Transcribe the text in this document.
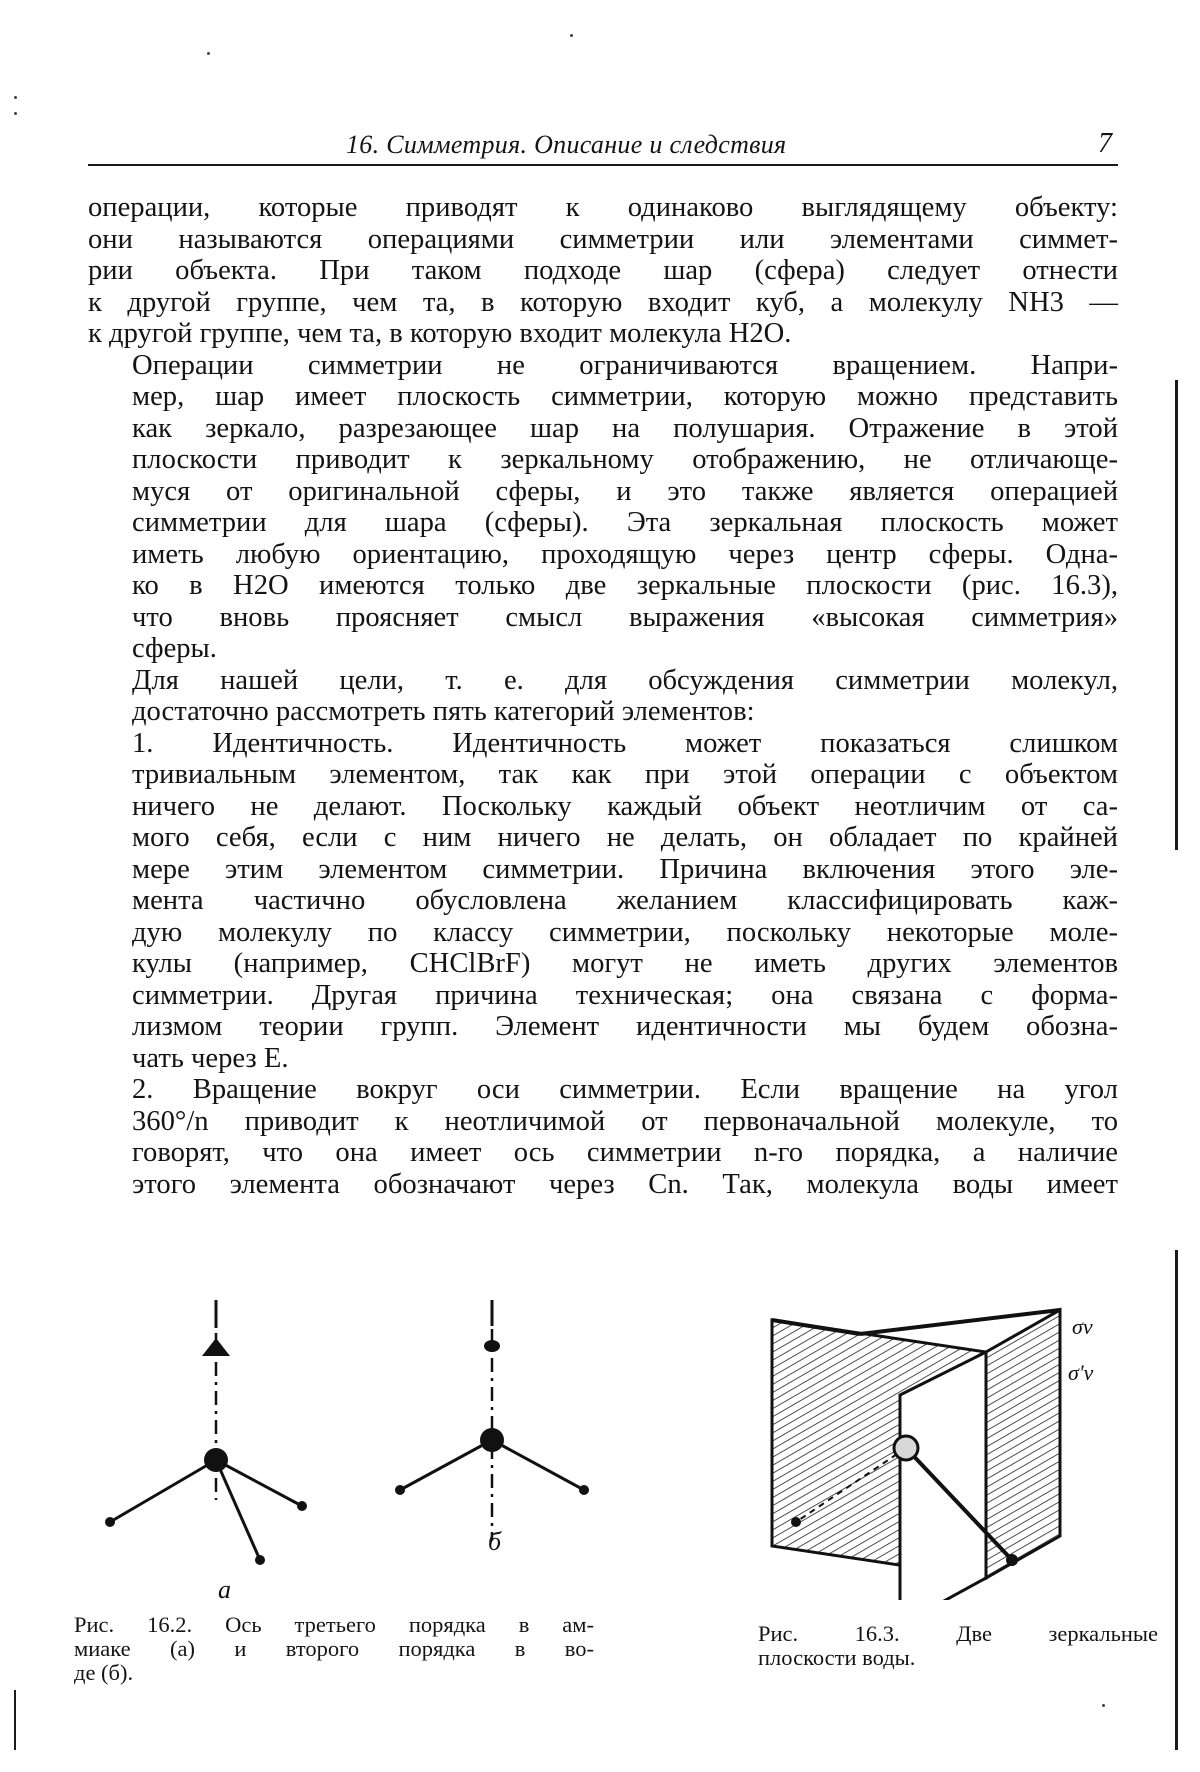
16. Симметрия. Описание и следствия	7

операции, которые приводят к одинаково выглядящему объекту:
они называются операциями симметрии или элементами симмет-
рии объекта. При таком подходе шар (сфера) следует отнести
к другой группе, чем та, в которую входит куб, а молекулу NH3 —
к другой группе, чем та, в которую входит молекула H2O.

Операции симметрии не ограничиваются вращением. Напри-
мер, шар имеет плоскость симметрии, которую можно представить
как зеркало, разрезающее шар на полушария. Отражение в этой
плоскости приводит к зеркальному отображению, не отличающе-
муся от оригинальной сферы, и это также является операцией
симметрии для шара (сферы). Эта зеркальная плоскость может
иметь любую ориентацию, проходящую через центр сферы. Одна-
ко в H2O имеются только две зеркальные плоскости (рис. 16.3),
что вновь проясняет смысл выражения «высокая симметрия»
сферы.

Для нашей цели, т. е. для обсуждения симметрии молекул,
достаточно рассмотреть пять категорий элементов:

1. Идентичность. Идентичность может показаться слишком
тривиальным элементом, так как при этой операции с объектом
ничего не делают. Поскольку каждый объект неотличим от са-
мого себя, если с ним ничего не делать, он обладает по крайней
мере этим элементом симметрии. Причина включения этого эле-
мента частично обусловлена желанием классифицировать каж-
дую молекулу по классу симметрии, поскольку некоторые моле-
кулы (например, CHClBrF) могут не иметь других элементов
симметрии. Другая причина техническая; она связана с форма-
лизмом теории групп. Элемент идентичности мы будем обозна-
чать через E.

2. Вращение вокруг оси симметрии. Если вращение на угол
360°/n приводит к неотличимой от первоначальной молекуле, то
говорят, что она имеет ось симметрии n-го порядка, а наличие
этого элемента обозначают через Cn. Так, молекула воды имеет

а
б
Рис. 16.2. Ось третьего порядка в ам-
миаке (а) и второго порядка в во-
де (б).
σv
σ'v
Рис. 16.3. Две зеркальные
плоскости воды.
